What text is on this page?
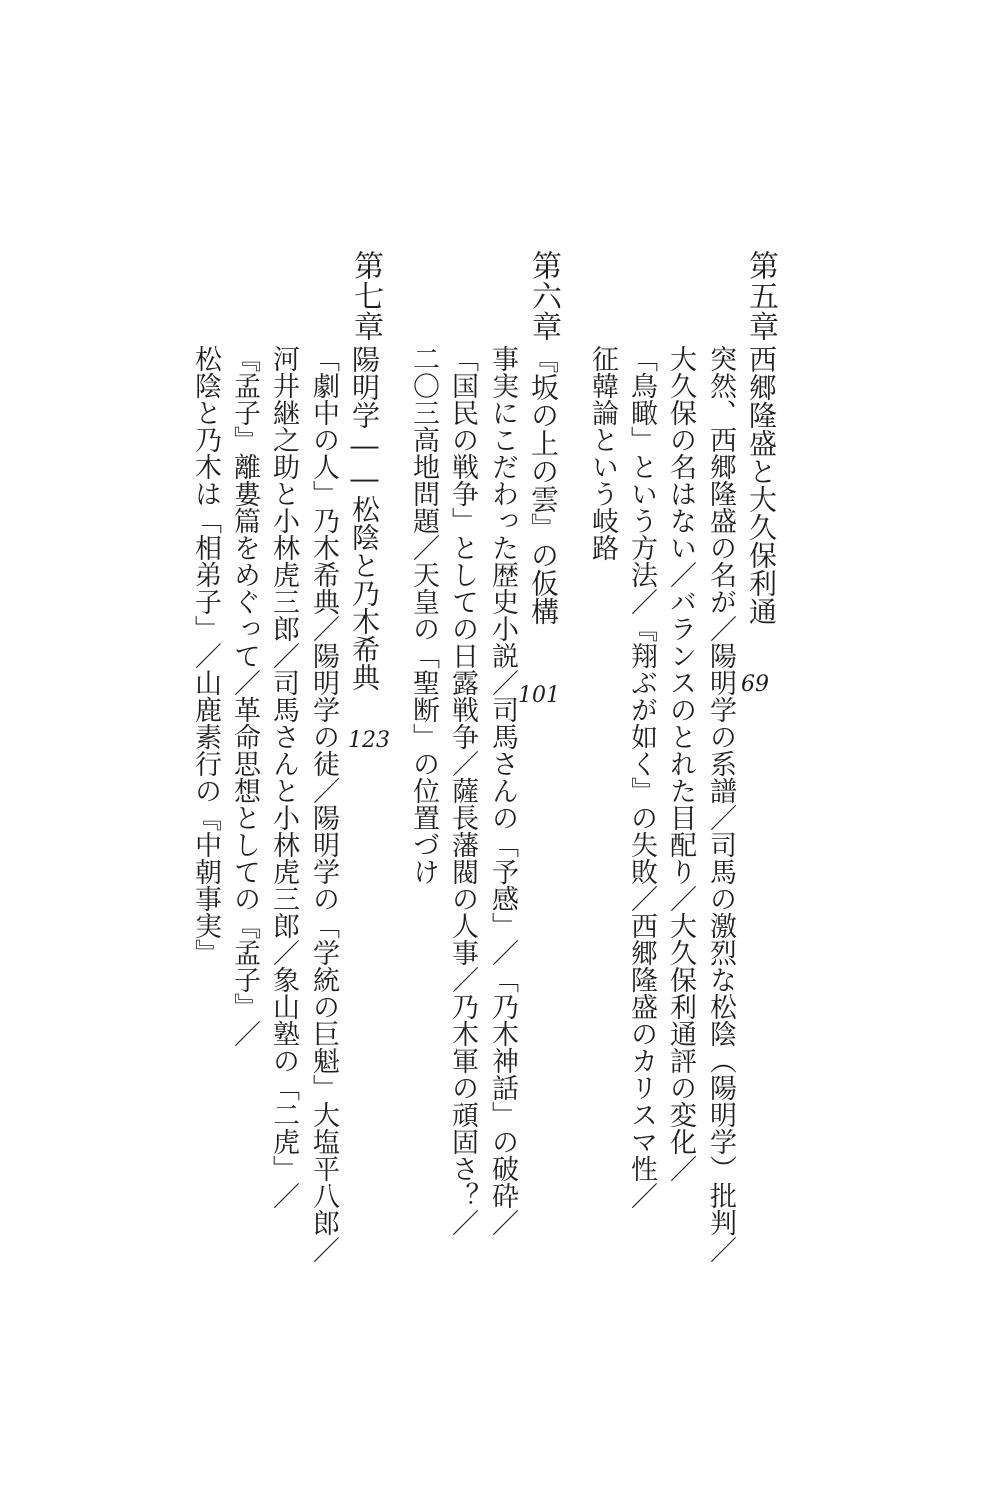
第五章
西郷隆盛と大久保利通
69
突然、西郷隆盛の名が／陽明学の系譜／司馬の激烈な松陰（陽明学）批判／
大久保の名はない／バランスのとれた目配り／大久保利通評の変化／
「鳥瞰」という方法／『翔ぶが如く』の失敗／西郷隆盛のカリスマ性／
征韓論という岐路
第六章
『坂の上の雲』の仮構
101
事実にこだわった歴史小説／司馬さんの「予感」／「乃木神話」の破砕／
「国民の戦争」としての日露戦争／薩長藩閥の人事／乃木軍の頑固さ？／
二〇三高地問題／天皇の「聖断」の位置づけ
第七章
陽明学――松陰と乃木希典
123
「劇中の人」乃木希典／陽明学の徒／陽明学の「学統の巨魁」大塩平八郎／
河井継之助と小林虎三郎／司馬さんと小林虎三郎／象山塾の「二虎」／
『孟子』離婁篇をめぐって／革命思想としての『孟子』／
松陰と乃木は「相弟子」／山鹿素行の『中朝事実』
